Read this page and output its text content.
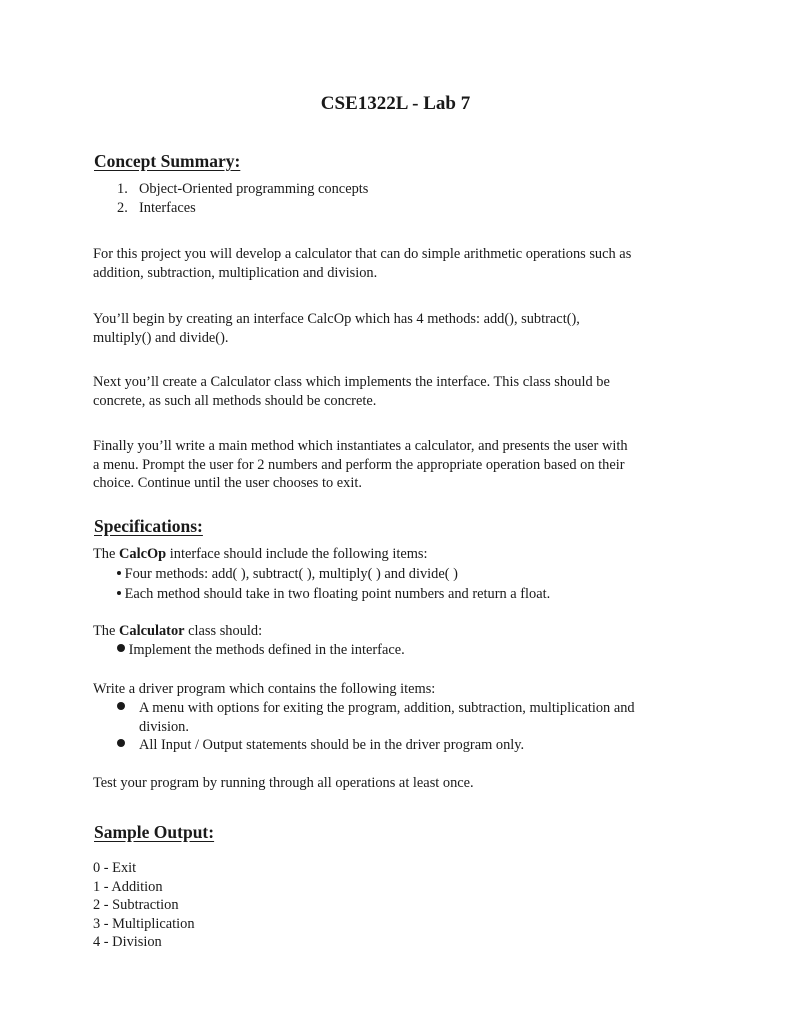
CSE1322L - Lab 7
Concept Summary:
1. Object-Oriented programming concepts
2. Interfaces
For this project you will develop a calculator that can do simple arithmetic operations such as
addition, subtraction, multiplication and division.
You’ll begin by creating an interface CalcOp which has 4 methods: add(), subtract(),
multiply() and divide().
Next you’ll create a Calculator class which implements the interface. This class should be
concrete, as such all methods should be concrete.
Finally you’ll write a main method which instantiates a calculator, and presents the user with
a menu. Prompt the user for 2 numbers and perform the appropriate operation based on their
choice. Continue until the user chooses to exit.
Specifications:
The CalcOp interface should include the following items:
Four methods: add( ), subtract( ), multiply( ) and divide( )
Each method should take in two floating point numbers and return a float.
The Calculator class should:
Implement the methods defined in the interface.
Write a driver program which contains the following items:
A menu with options for exiting the program, addition, subtraction, multiplication and
division.
All Input / Output statements should be in the driver program only.
Test your program by running through all operations at least once.
Sample Output:
0 - Exit
1 - Addition
2 - Subtraction
3 - Multiplication
4 - Division
